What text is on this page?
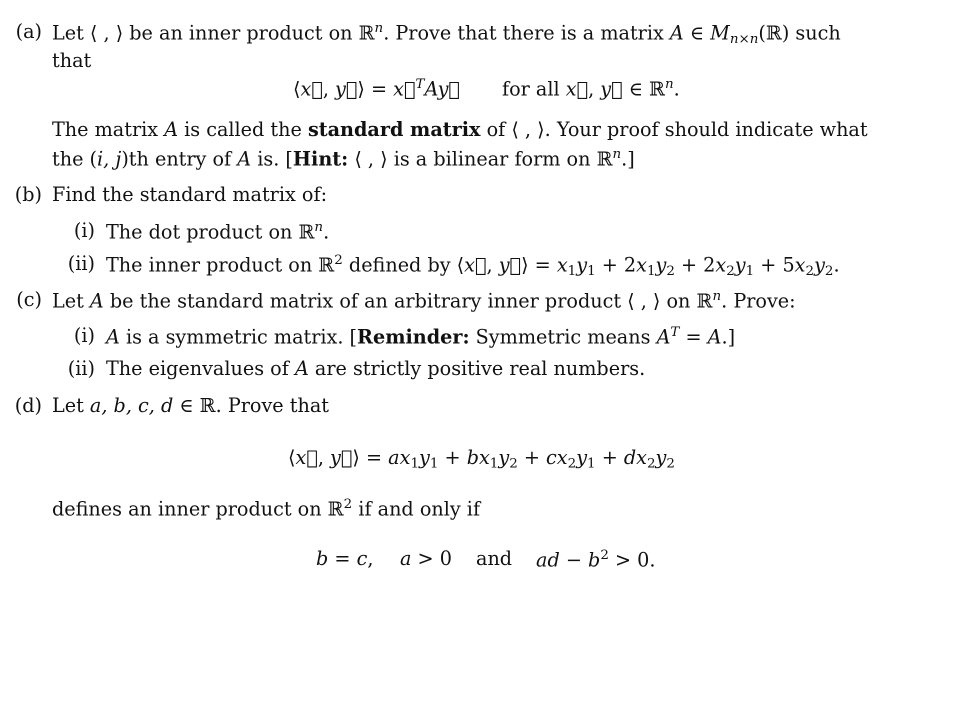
(a) Let ⟨ , ⟩ be an inner product on ℝ$^n$. Prove that there is a matrix A ∈ $M_{n\times n}(ℝ)$ such
that
⟨x⃗, y⃗⟩ = x⃗$^T$Ay⃗ for all x⃗, y⃗ ∈ ℝ$^n$.
The matrix A is called the standard matrix of ⟨ , ⟩. Your proof should indicate what
the (i, j)th entry of A is. [Hint: ⟨ , ⟩ is a bilinear form on ℝ$^n$.]
(b) Find the standard matrix of:
(i) The dot product on ℝ$^n$.
(ii) The inner product on ℝ$^2$ defined by ⟨x⃗, y⃗⟩ = $x_1y_1 + 2x_1y_2 + 2x_2y_1 + 5x_2y_2$.
(c) Let A be the standard matrix of an arbitrary inner product ⟨ , ⟩ on ℝ$^n$. Prove:
(i) A is a symmetric matrix. [Reminder: Symmetric means $A^T = A$.]
(ii) The eigenvalues of A are strictly positive real numbers.
(d) Let a, b, c, d ∈ ℝ. Prove that
⟨x⃗, y⃗⟩ = $ax_1y_1 + bx_1y_2 + cx_2y_1 + dx_2y_2$
defines an inner product on ℝ$^2$ if and only if
b = c, a > 0 and ad − $b^2 > 0$.
